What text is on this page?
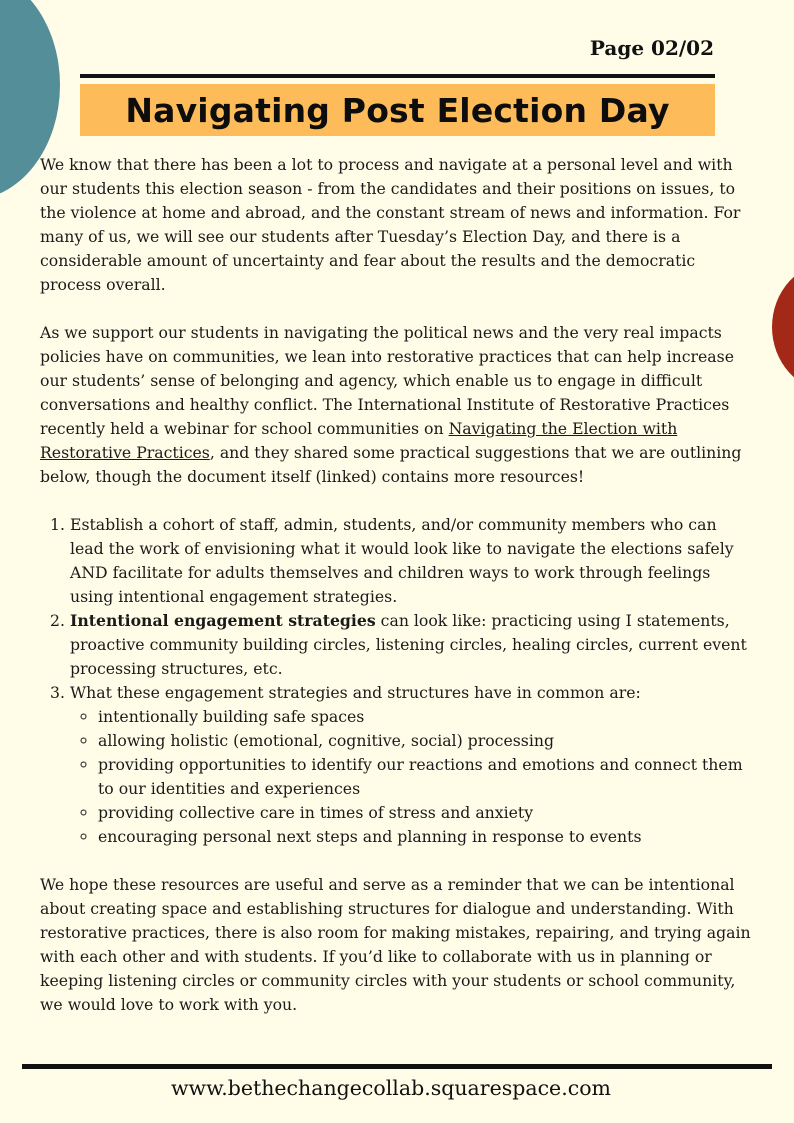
Page 02/02
Navigating Post Election Day

We know that there has been a lot to process and navigate at a personal level and with our students this election season - from the candidates and their positions on issues, to the violence at home and abroad, and the constant stream of news and information. For many of us, we will see our students after Tuesday’s Election Day, and there is a considerable amount of uncertainty and fear about the results and the democratic process overall.

As we support our students in navigating the political news and the very real impacts policies have on communities, we lean into restorative practices that can help increase our students’ sense of belonging and agency, which enable us to engage in difficult conversations and healthy conflict. The International Institute of Restorative Practices recently held a webinar for school communities on Navigating the Election with Restorative Practices, and they shared some practical suggestions that we are outlining below, though the document itself (linked) contains more resources!

1. Establish a cohort of staff, admin, students, and/or community members who can lead the work of envisioning what it would look like to navigate the elections safely AND facilitate for adults themselves and children ways to work through feelings using intentional engagement strategies.
2. Intentional engagement strategies can look like: practicing using I statements, proactive community building circles, listening circles, healing circles, current event processing structures, etc.
3. What these engagement strategies and structures have in common are:
◦ intentionally building safe spaces
◦ allowing holistic (emotional, cognitive, social) processing
◦ providing opportunities to identify our reactions and emotions and connect them to our identities and experiences
◦ providing collective care in times of stress and anxiety
◦ encouraging personal next steps and planning in response to events

We hope these resources are useful and serve as a reminder that we can be intentional about creating space and establishing structures for dialogue and understanding. With restorative practices, there is also room for making mistakes, repairing, and trying again with each other and with students. If you’d like to collaborate with us in planning or keeping listening circles or community circles with your students or school community, we would love to work with you.

www.bethechangecollab.squarespace.com
